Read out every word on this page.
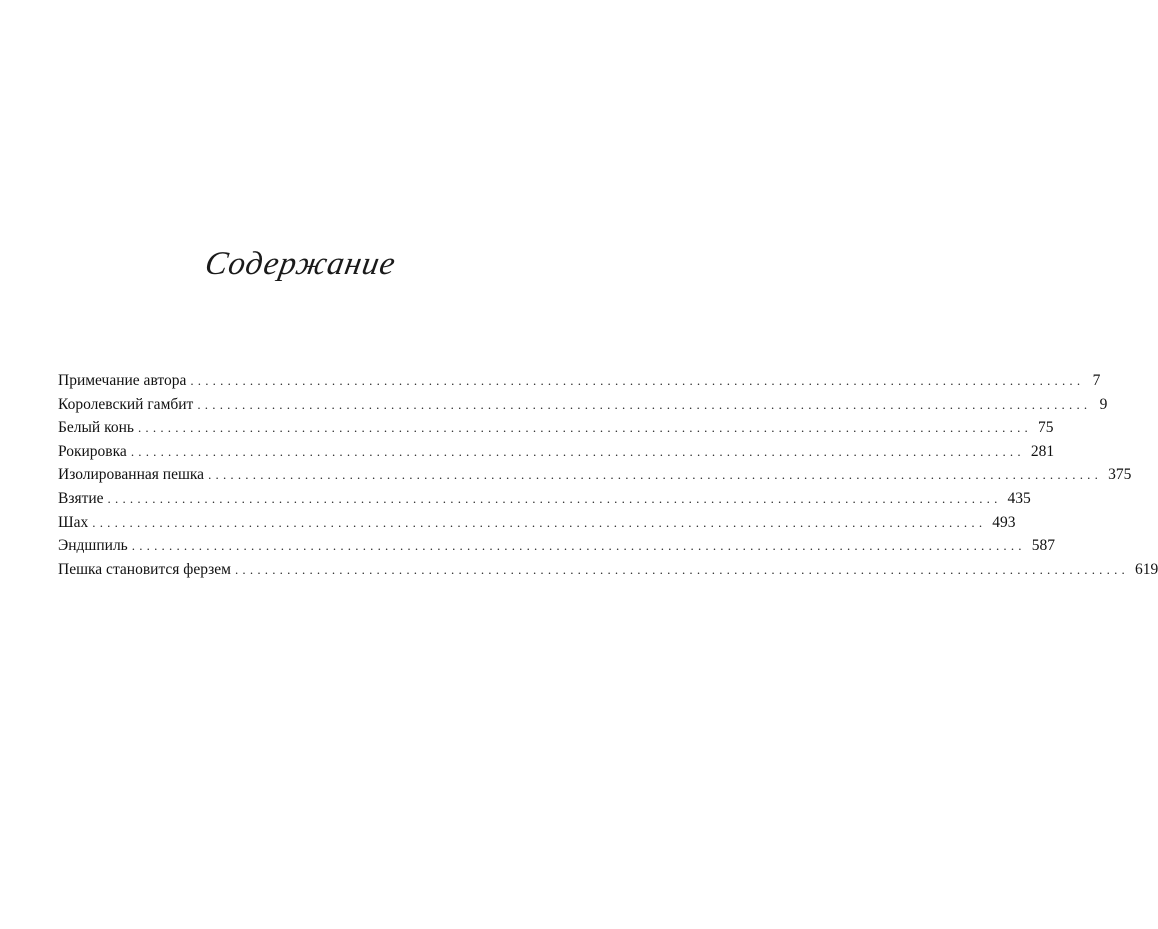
Содержание
Примечание автора ........................................................................................................................ 7
Королевский гамбит ........................................................................................................................ 9
Белый конь ........................................................................................................................ 75
Рокировка ........................................................................................................................ 281
Изолированная пешка ........................................................................................................................ 375
Взятие ........................................................................................................................ 435
Шах ........................................................................................................................ 493
Эндшпиль ........................................................................................................................ 587
Пешка становится ферзем ........................................................................................................................ 619
